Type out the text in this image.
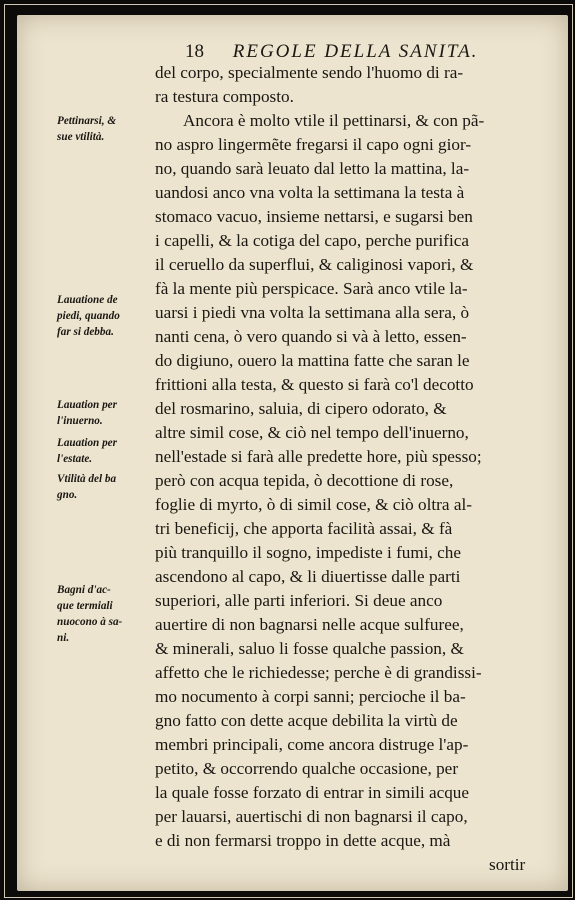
18 REGOLE DELLA SANITA.
Pettinarsi, &
sue vtilità.
Lauatione de
piedi, quando
far si debba.
Lauation per
l'inuerno.
Lauation per
l'estate.
Vtilità del ba
gno.
Bagni d'ac-
que termiali
nuocono à sa-
ni.
del corpo, specialmente sendo l'huomo di ra-
ra testura composto.
Ancora è molto vtile il pettinarsi, & con pã-
no aspro lingermẽte fregarsi il capo ogni gior-
no, quando sarà leuato dal letto la mattina, la-
uandosi anco vna volta la settimana la testa à
stomaco vacuo, insieme nettarsi, e sugarsi ben
i capelli, & la cotiga del capo, perche purifica
il ceruello da superflui, & caliginosi vapori, &
fà la mente più perspicace. Sarà anco vtile la-
uarsi i piedi vna volta la settimana alla sera, ò
nanti cena, ò vero quando si và à letto, essen-
do digiuno, ouero la mattina fatte che saran le
frittioni alla testa, & questo si farà co'l decotto
del rosmarino, saluia, di cipero odorato, &
altre simil cose, & ciò nel tempo dell'inuerno,
nell'estade si farà alle predette hore, più spesso;
però con acqua tepida, ò decottione di rose,
foglie di myrto, ò di simil cose, & ciò oltra al-
tri beneficij, che apporta facilità assai, & fà
più tranquillo il sogno, impediste i fumi, che
ascendono al capo, & li diuertisse dalle parti
superiori, alle parti inferiori. Si deue anco
auertire di non bagnarsi nelle acque sulfuree,
& minerali, saluo li fosse qualche passion, &
affetto che le richiedesse; perche è di grandissi-
mo nocumento à corpi sanni; percioche il ba-
gno fatto con dette acque debilita la virtù de
membri principali, come ancora distruge l'ap-
petito, & occorrendo qualche occasione, per
la quale fosse forzato di entrar in simili acque
per lauarsi, auertischi di non bagnarsi il capo,
e di non fermarsi troppo in dette acque, mà
sortir
